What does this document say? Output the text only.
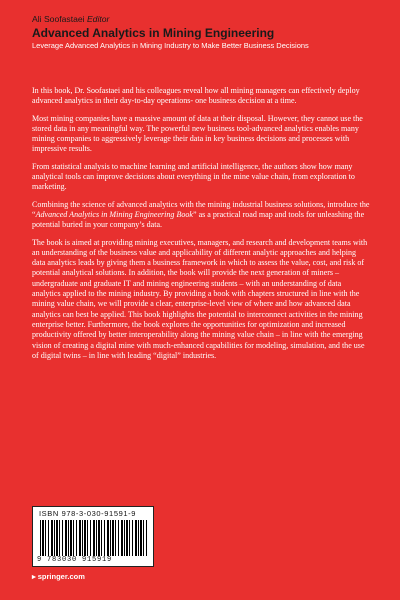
Ali Soofastaei Editor
Advanced Analytics in Mining Engineering
Leverage Advanced Analytics in Mining Industry to Make Better Business Decisions

In this book, Dr. Soofastaei and his colleagues reveal how all mining managers can effectively deploy advanced analytics in their day-to-day operations- one business decision at a time.

Most mining companies have a massive amount of data at their disposal. However, they cannot use the stored data in any meaningful way. The powerful new business tool-advanced analytics enables many mining companies to aggressively leverage their data in key business decisions and processes with impressive results.

From statistical analysis to machine learning and artificial intelligence, the authors show how many analytical tools can improve decisions about everything in the mine value chain, from exploration to marketing.

Combining the science of advanced analytics with the mining industrial business solutions, introduce the “Advanced Analytics in Mining Engineering Book” as a practical road map and tools for unleashing the potential buried in your company’s data.

The book is aimed at providing mining executives, managers, and research and development teams with an understanding of the business value and applicability of different analytic approaches and helping data analytics leads by giving them a business framework in which to assess the value, cost, and risk of potential analytical solutions. In addition, the book will provide the next generation of miners – undergraduate and graduate IT and mining engineering students – with an understanding of data analytics applied to the mining industry. By providing a book with chapters structured in line with the mining value chain, we will provide a clear, enterprise-level view of where and how advanced data analytics can best be applied. This book highlights the potential to interconnect activities in the mining enterprise better. Furthermore, the book explores the opportunities for optimization and increased productivity offered by better interoperability along the mining value chain – in line with the emerging vision of creating a digital mine with much-enhanced capabilities for modeling, simulation, and the use of digital twins – in line with leading “digital” industries.

ISBN 978-3-030-91591-9
9 783030 915919
▸ springer.com
